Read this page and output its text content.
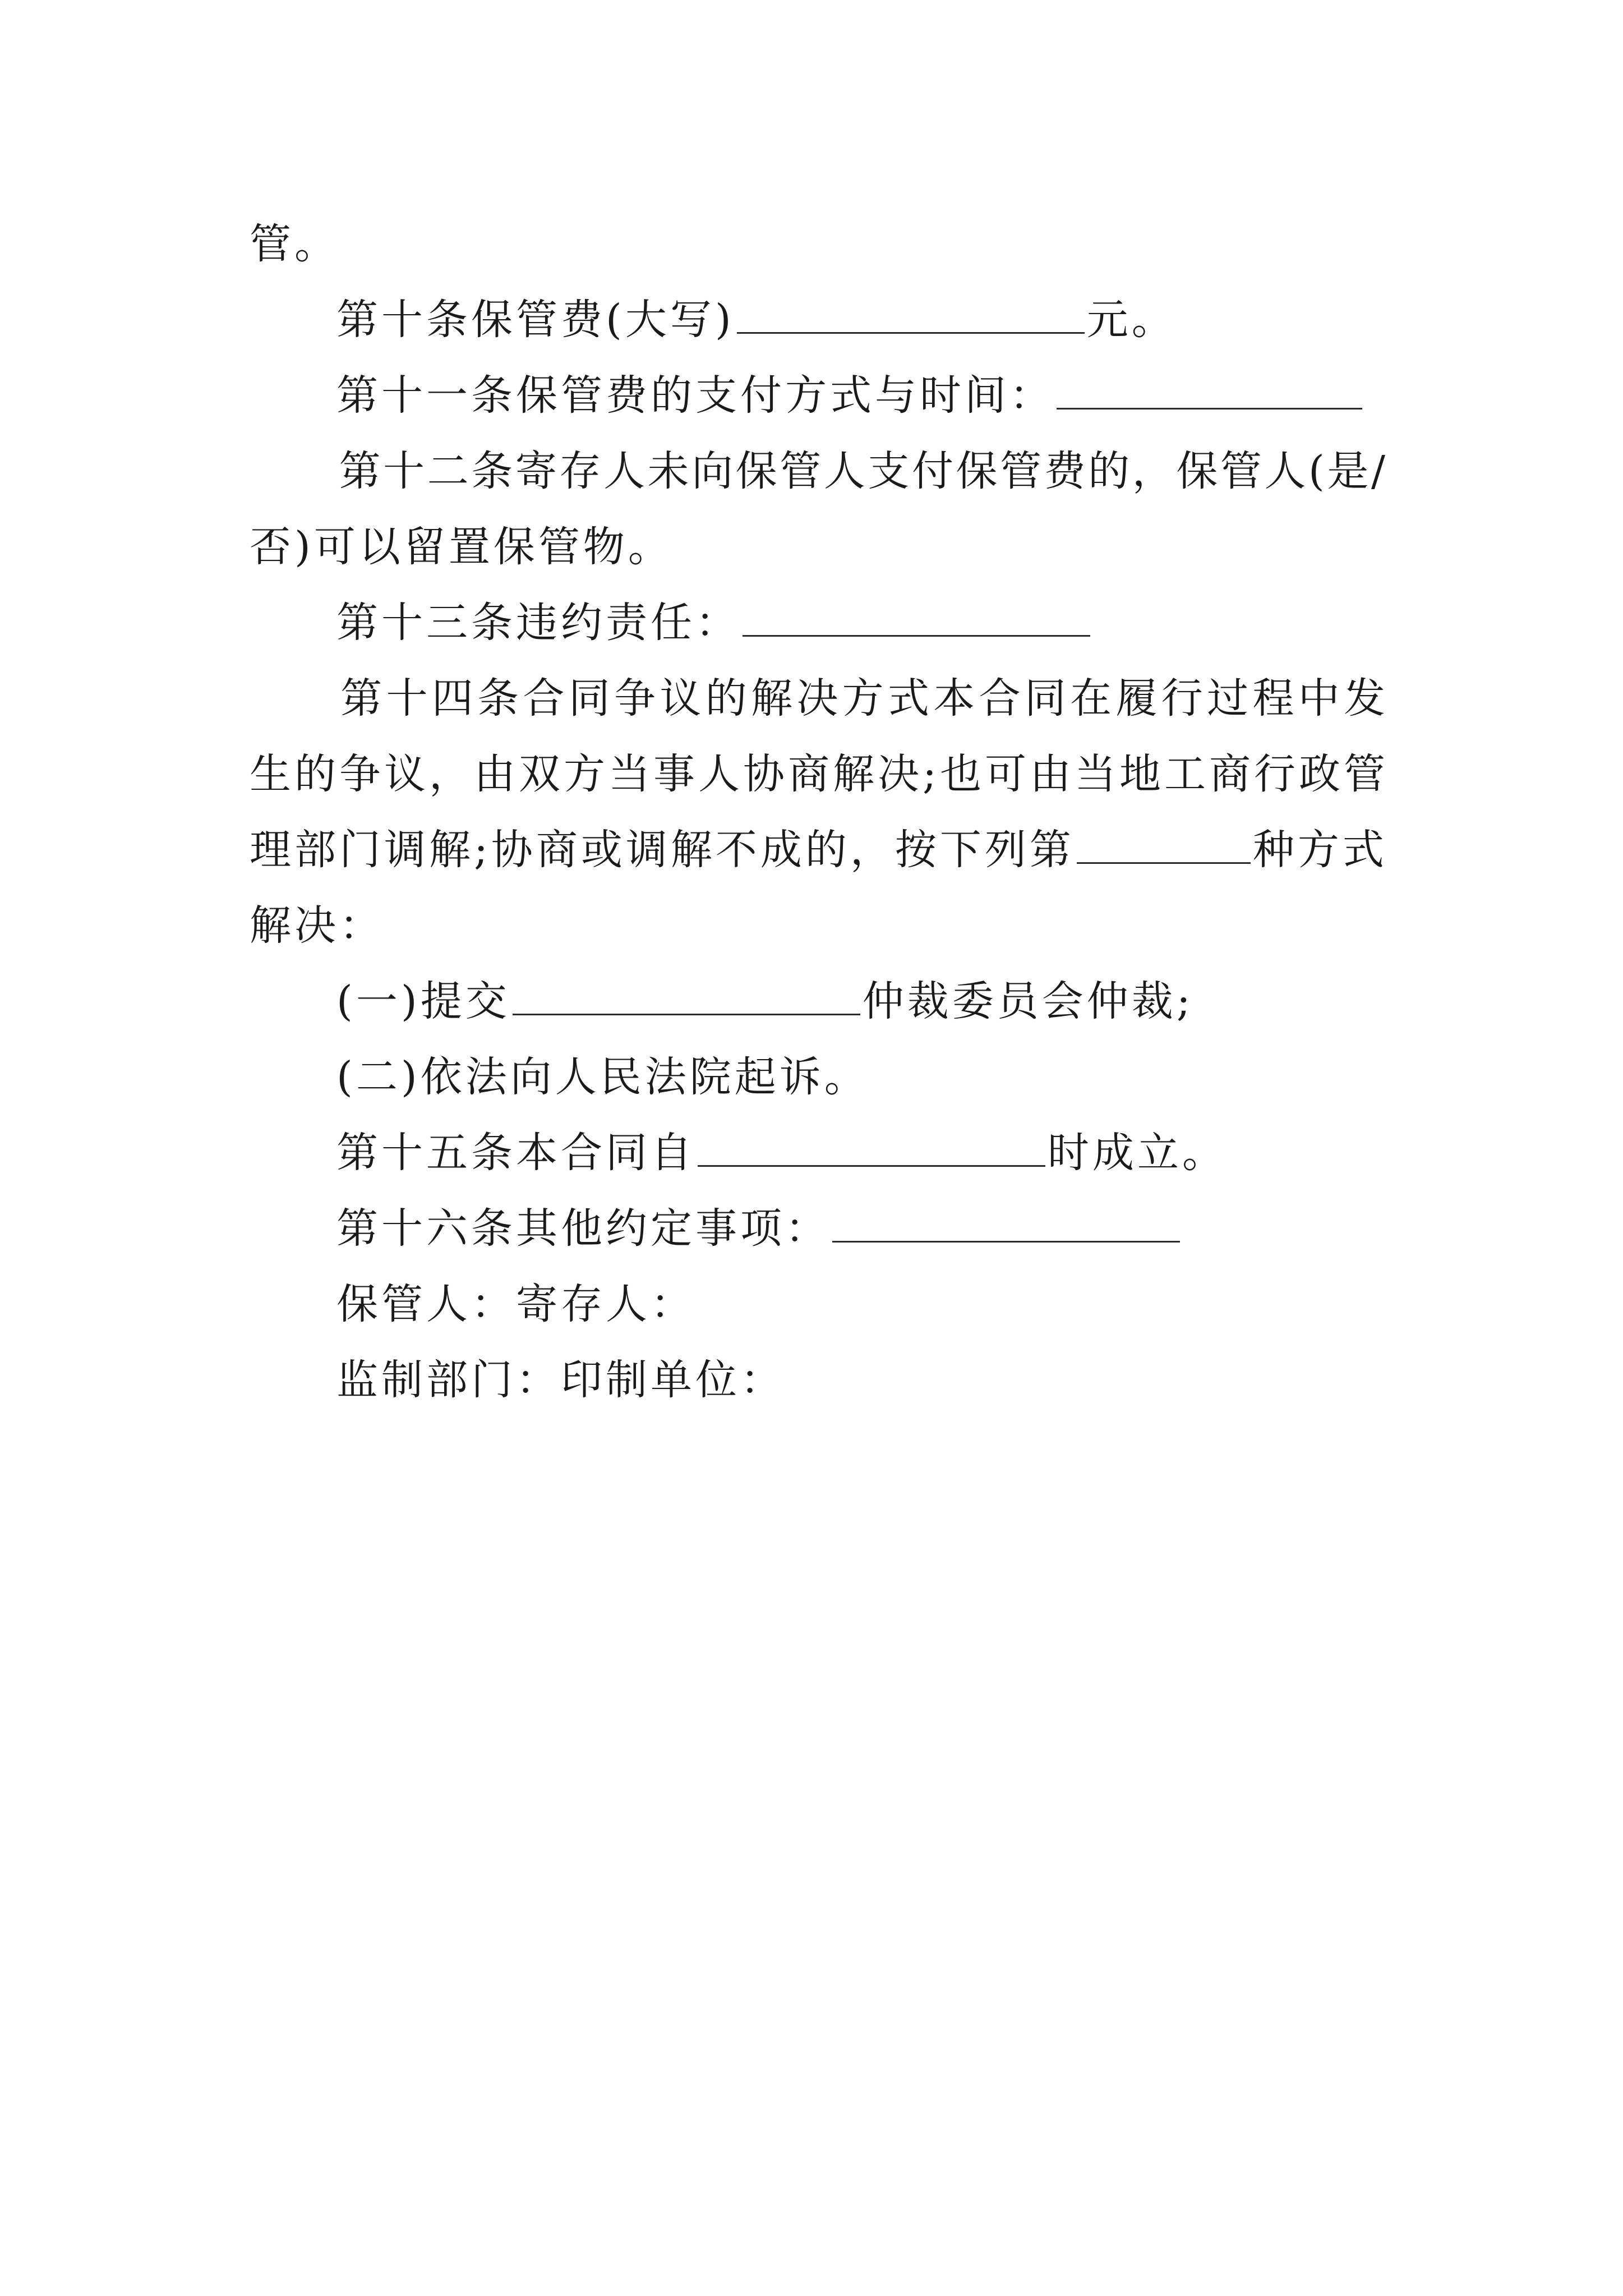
管。
第十条保管费(大写)	元。
第十一条保管费的支付方式与时间：
第十二条寄存人未向保管人支付保管费的，保管人(是/
否)可以留置保管物。
第十三条违约责任：
第十四条合同争议的解决方式本合同在履行过程中发
生的争议，由双方当事人协商解决;也可由当地工商行政管
理部门调解;协商或调解不成的，按下列第	种方式
解决：
(一)提交	仲裁委员会仲裁;
(二)依法向人民法院起诉。
第十五条本合同自	时成立。
第十六条其他约定事项：
保管人：寄存人：
监制部门：印制单位：
